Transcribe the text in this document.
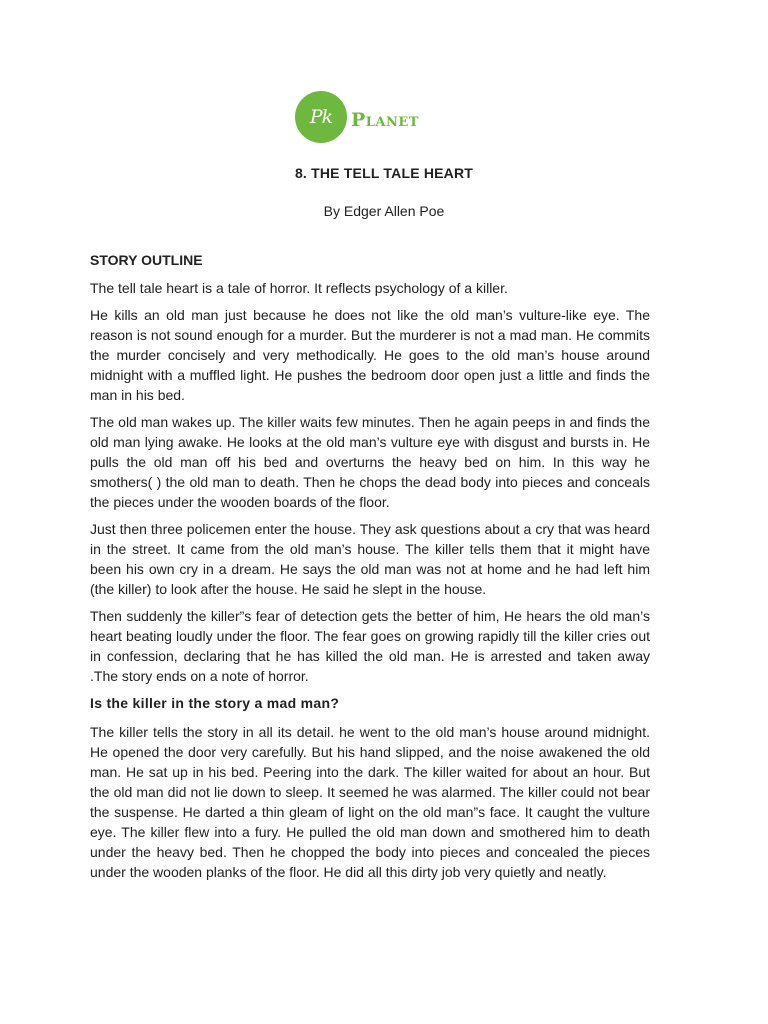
Pk Planet
8. THE TELL TALE HEART
By Edger Allen Poe
STORY OUTLINE

The tell tale heart is a tale of horror. It reflects psychology of a killer.

He kills an old man just because he does not like the old man’s vulture-like eye. The reason is not sound enough for a murder. But the murderer is not a mad man. He commits the murder concisely and very methodically. He goes to the old man’s house around midnight with a muffled light. He pushes the bedroom door open just a little and finds the man in his bed.

The old man wakes up. The killer waits few minutes. Then he again peeps in and finds the old man lying awake. He looks at the old man’s vulture eye with disgust and bursts in. He pulls the old man off his bed and overturns the heavy bed on him. In this way he smothers( ) the old man to death. Then he chops the dead body into pieces and conceals the pieces under the wooden boards of the floor.

Just then three policemen enter the house. They ask questions about a cry that was heard in the street. It came from the old man’s house. The killer tells them that it might have been his own cry in a dream. He says the old man was not at home and he had left him (the killer) to look after the house. He said he slept in the house.

Then suddenly the killer”s fear of detection gets the better of him, He hears the old man’s heart beating loudly under the floor. The fear goes on growing rapidly till the killer cries out in confession, declaring that he has killed the old man. He is arrested and taken away .The story ends on a note of horror.

Is the killer in the story a mad man?

The killer tells the story in all its detail. he went to the old man’s house around midnight. He opened the door very carefully. But his hand slipped, and the noise awakened the old man. He sat up in his bed. Peering into the dark. The killer waited for about an hour. But the old man did not lie down to sleep. It seemed he was alarmed. The killer could not bear the suspense. He darted a thin gleam of light on the old man”s face. It caught the vulture eye. The killer flew into a fury. He pulled the old man down and smothered him to death under the heavy bed. Then he chopped the body into pieces and concealed the pieces under the wooden planks of the floor. He did all this dirty job very quietly and neatly.
